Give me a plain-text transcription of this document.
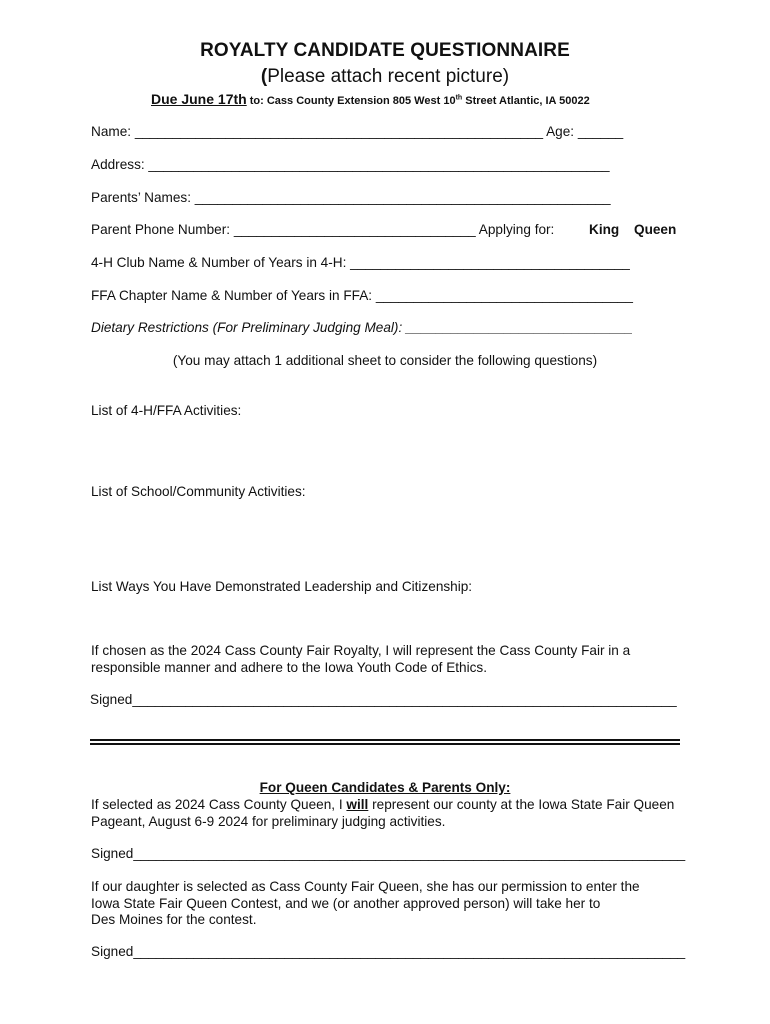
ROYALTY CANDIDATE QUESTIONNAIRE
(Please attach recent picture)
Due June 17th to: Cass County Extension 805 West 10th Street Atlantic, IA 50022
Name: ______________________________________________________ Age: ______
Address: _____________________________________________________________
Parents’ Names: _______________________________________________________
Parent Phone Number: ________________________________ Applying for:	King Queen
4-H Club Name & Number of Years in 4-H: _____________________________________
FFA Chapter Name & Number of Years in FFA: __________________________________
Dietary Restrictions (For Preliminary Judging Meal): ______________________________
(You may attach 1 additional sheet to consider the following questions)
List of 4-H/FFA Activities:
List of School/Community Activities:
List Ways You Have Demonstrated Leadership and Citizenship:
If chosen as the 2024 Cass County Fair Royalty, I will represent the Cass County Fair in a responsible manner and adhere to the Iowa Youth Code of Ethics.
Signed________________________________________________________________________
For Queen Candidates & Parents Only:
If selected as 2024 Cass County Queen, I will represent our county at the Iowa State Fair Queen Pageant, August 6-9 2024 for preliminary judging activities.
Signed_________________________________________________________________________
If our daughter is selected as Cass County Fair Queen, she has our permission to enter the
Iowa State Fair Queen Contest, and we (or another approved person) will take her to
Des Moines for the contest.
Signed_________________________________________________________________________
